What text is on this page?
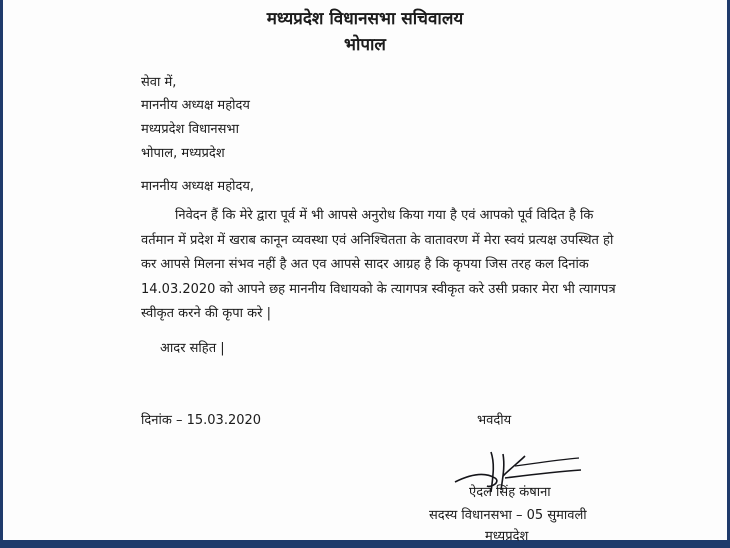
मध्यप्रदेश विधानसभा सचिवालय
भोपाल
सेवा में,
माननीय अध्यक्ष महोदय
मध्यप्रदेश विधानसभा
भोपाल, मध्यप्रदेश
माननीय अध्यक्ष महोदय,

निवेदन हैं कि मेरे द्वारा पूर्व में भी आपसे अनुरोध किया गया है एवं आपको पूर्व विदित है कि वर्तमान में प्रदेश में खराब कानून व्यवस्था एवं अनिश्चितता के वातावरण में मेरा स्वयं प्रत्यक्ष उपस्थित हो कर आपसे मिलना संभव नहीं है अत एव आपसे सादर आग्रह है कि कृपया जिस तरह कल दिनांक 14.03.2020 को आपने छह माननीय विधायको के त्यागपत्र स्वीकृत करे उसी प्रकार मेरा भी त्यागपत्र स्वीकृत करने की कृपा करे |

आदर सहित |
दिनांक – 15.03.2020	भवदीय
ऐदल सिंह कंषाना
सदस्य विधानसभा – 05 सुमावली
मध्यप्रदेश
